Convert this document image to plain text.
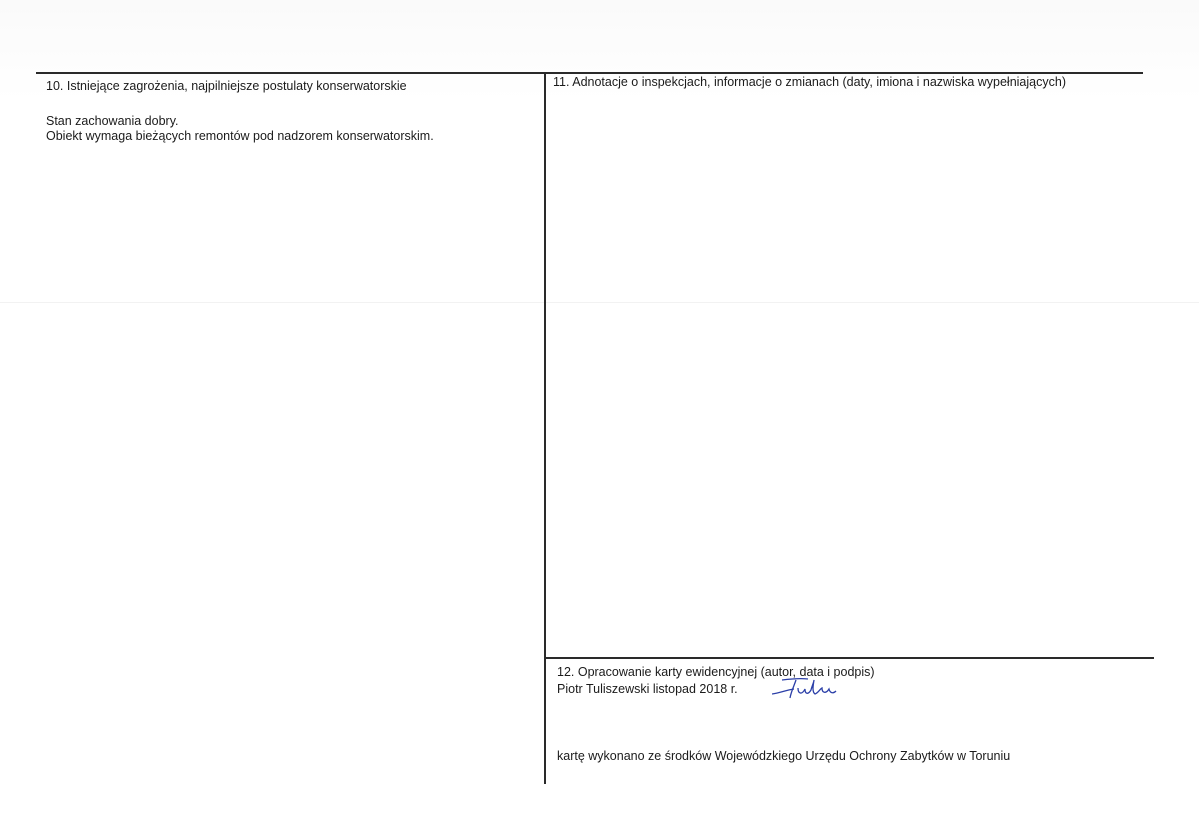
10. Istniejące zagrożenia, najpilniejsze postulaty konserwatorskie
Stan zachowania dobry.
Obiekt wymaga bieżących remontów pod nadzorem konserwatorskim.
11. Adnotacje o inspekcjach, informacje o zmianach (daty, imiona i nazwiska wypełniających)
12. Opracowanie karty ewidencyjnej (autor, data i podpis)
Piotr Tuliszewski listopad 2018 r.
kartę wykonano ze środków Wojewódzkiego Urzędu Ochrony Zabytków w Toruniu
